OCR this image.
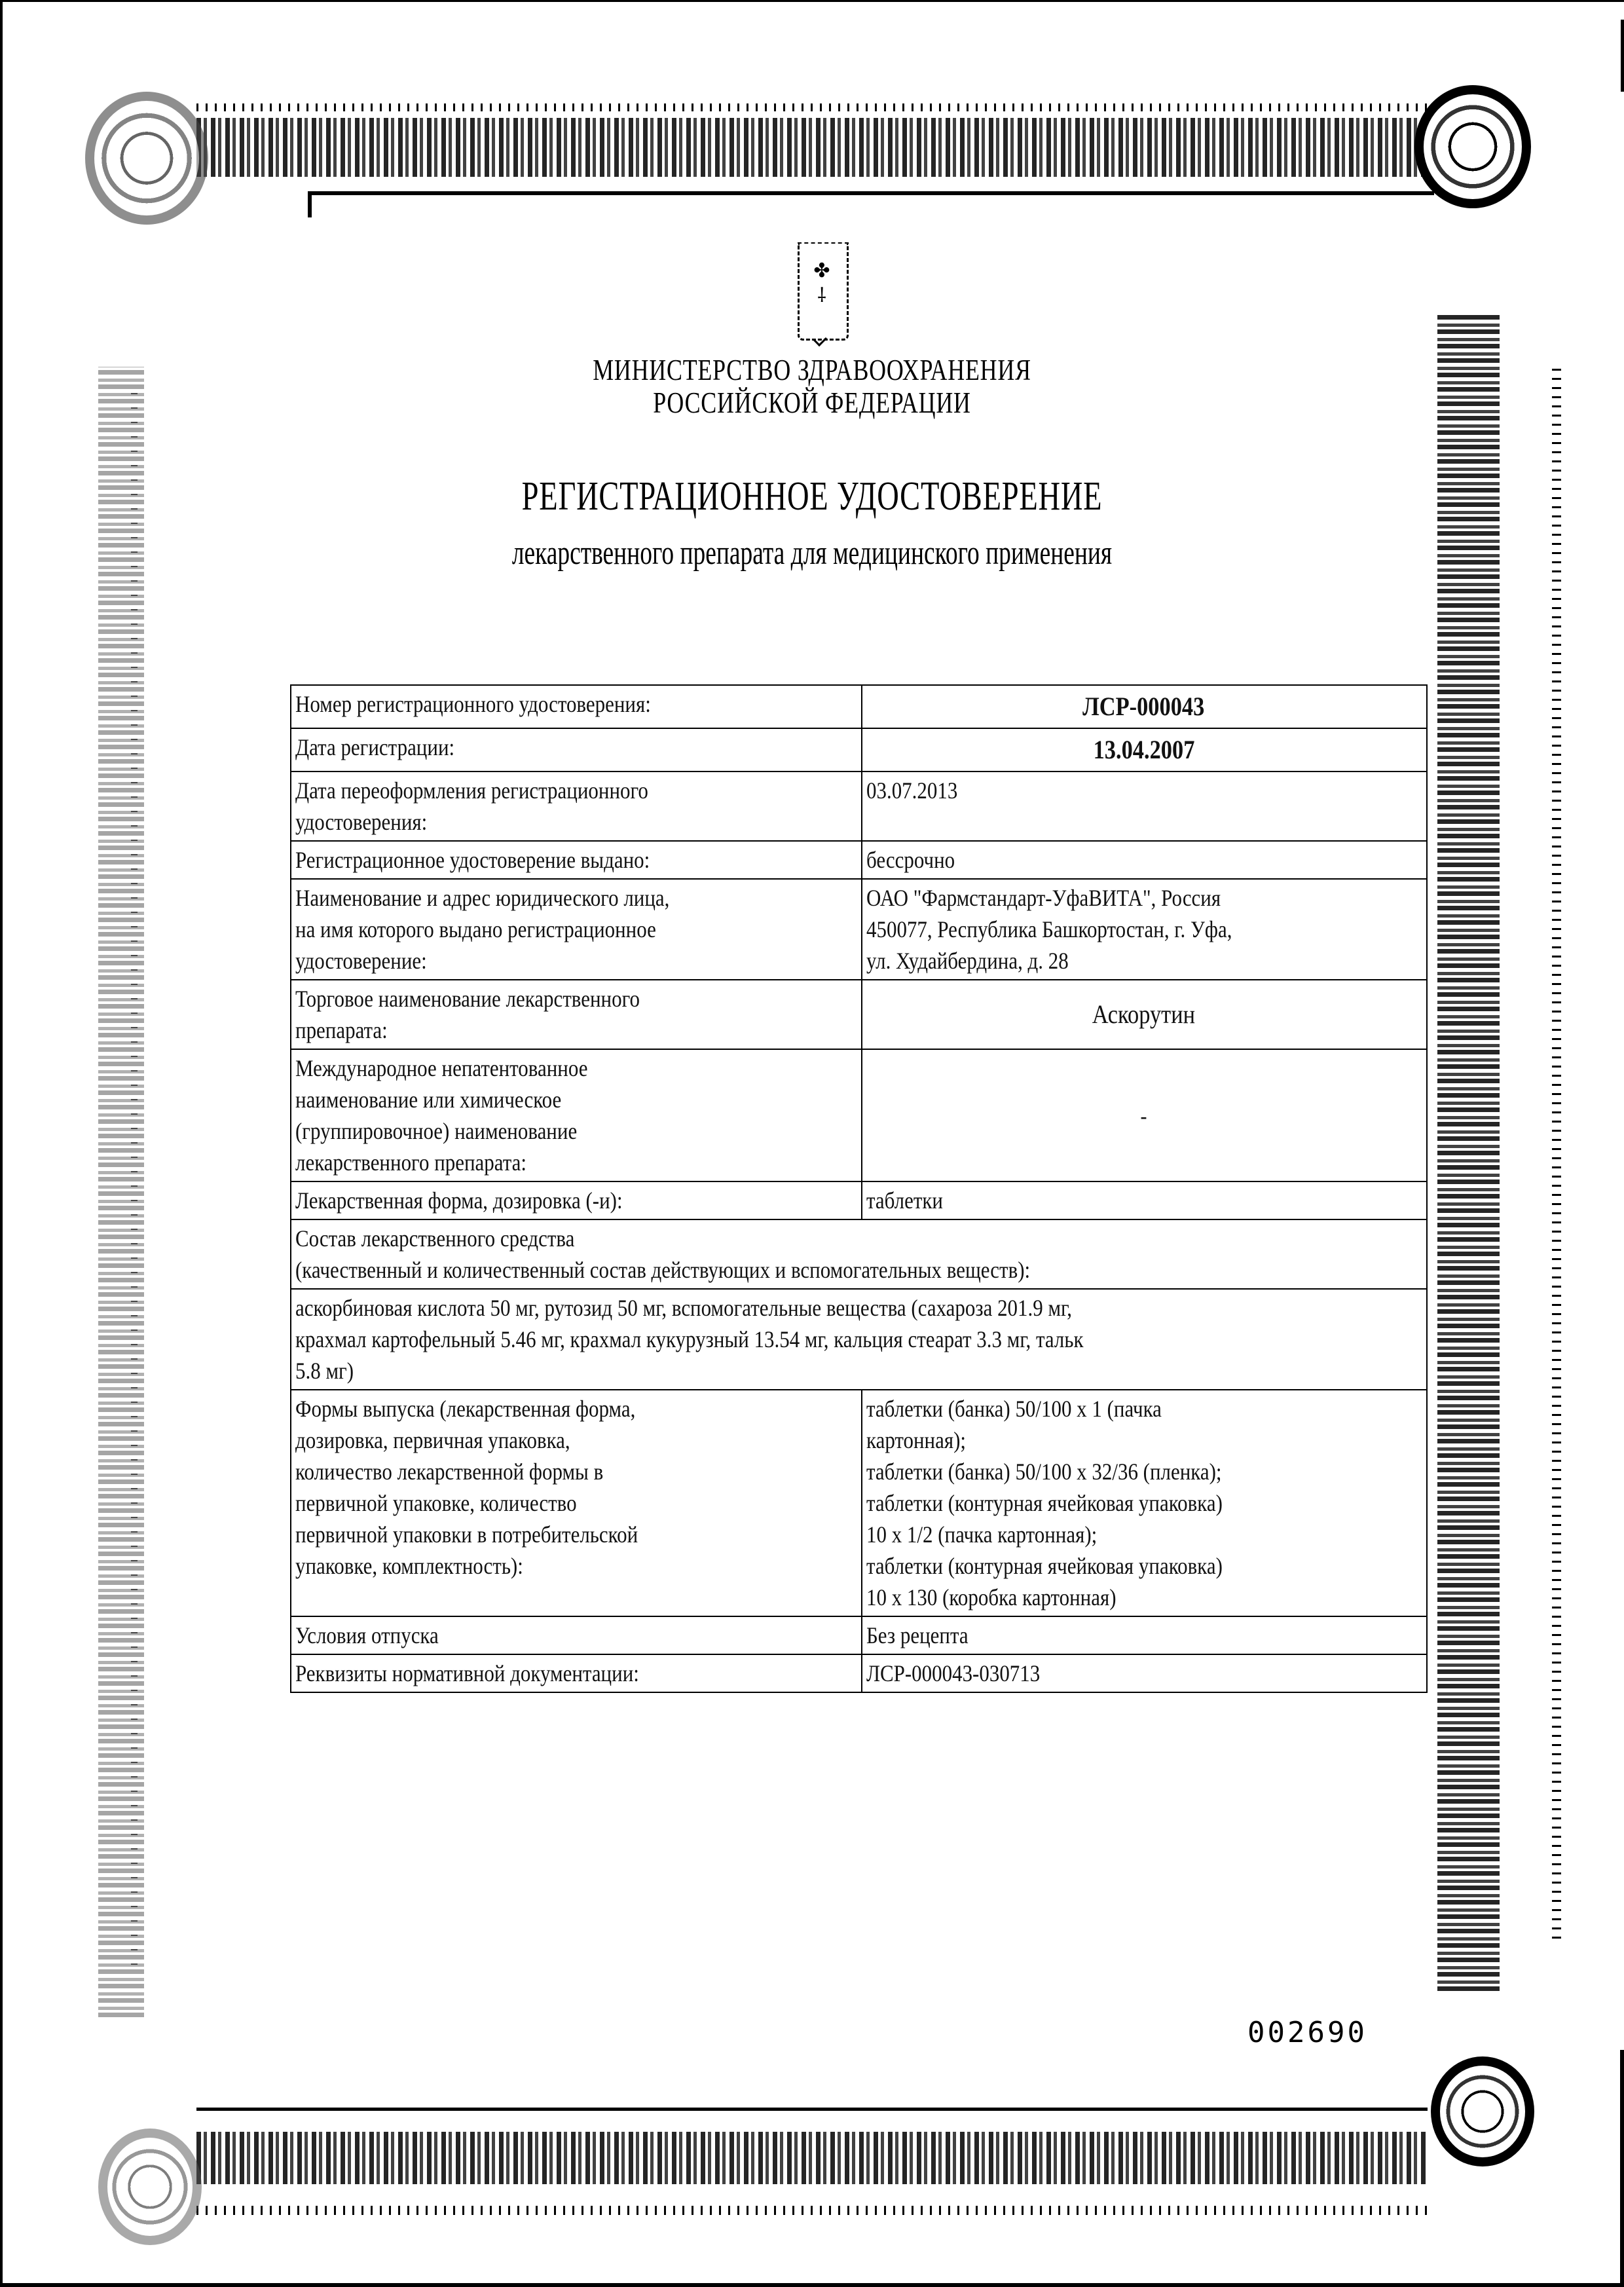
✤
⸸
МИНИСТЕРСТВО ЗДРАВООХРАНЕНИЯ
РОССИЙСКОЙ ФЕДЕРАЦИИ
РЕГИСТРАЦИОННОЕ УДОСТОВЕРЕНИЕ
лекарственного препарата для медицинского применения
Номер регистрационного удостоверения:	ЛСР-000043
Дата регистрации:	13.04.2007
Дата переоформления регистрационного
удостоверения:	03.07.2013
Регистрационное удостоверение выдано:	бессрочно
Наименование и адрес юридического лица,
на имя которого выдано регистрационное
удостоверение:	ОАО "Фармстандарт-УфаВИТА", Россия
450077, Республика Башкортостан, г. Уфа,
ул. Худайбердина, д. 28
Торговое наименование лекарственного
препарата:	Аскорутин
Международное непатентованное
наименование или химическое
(группировочное) наименование
лекарственного препарата:	-
Лекарственная форма, дозировка (-и):	таблетки
Состав лекарственного средства
(качественный и количественный состав действующих и вспомогательных веществ):	
аскорбиновая кислота 50 мг, рутозид 50 мг, вспомогательные вещества (сахароза 201.9 мг,
крахмал картофельный 5.46 мг, крахмал кукурузный 13.54 мг, кальция стеарат 3.3 мг, тальк
5.8 мг)	
Формы выпуска (лекарственная форма,
дозировка, первичная упаковка,
количество лекарственной формы в
первичной упаковке, количество
первичной упаковки в потребительской
упаковке, комплектность):	таблетки (банка) 50/100 х 1 (пачка
картонная);
таблетки (банка) 50/100 х 32/36 (пленка);
таблетки (контурная ячейковая упаковка)
10 х 1/2 (пачка картонная);
таблетки (контурная ячейковая упаковка)
10 х 130 (коробка картонная)
Условия отпуска	Без рецепта
Реквизиты нормативной документации:	ЛСР-000043-030713
002690
